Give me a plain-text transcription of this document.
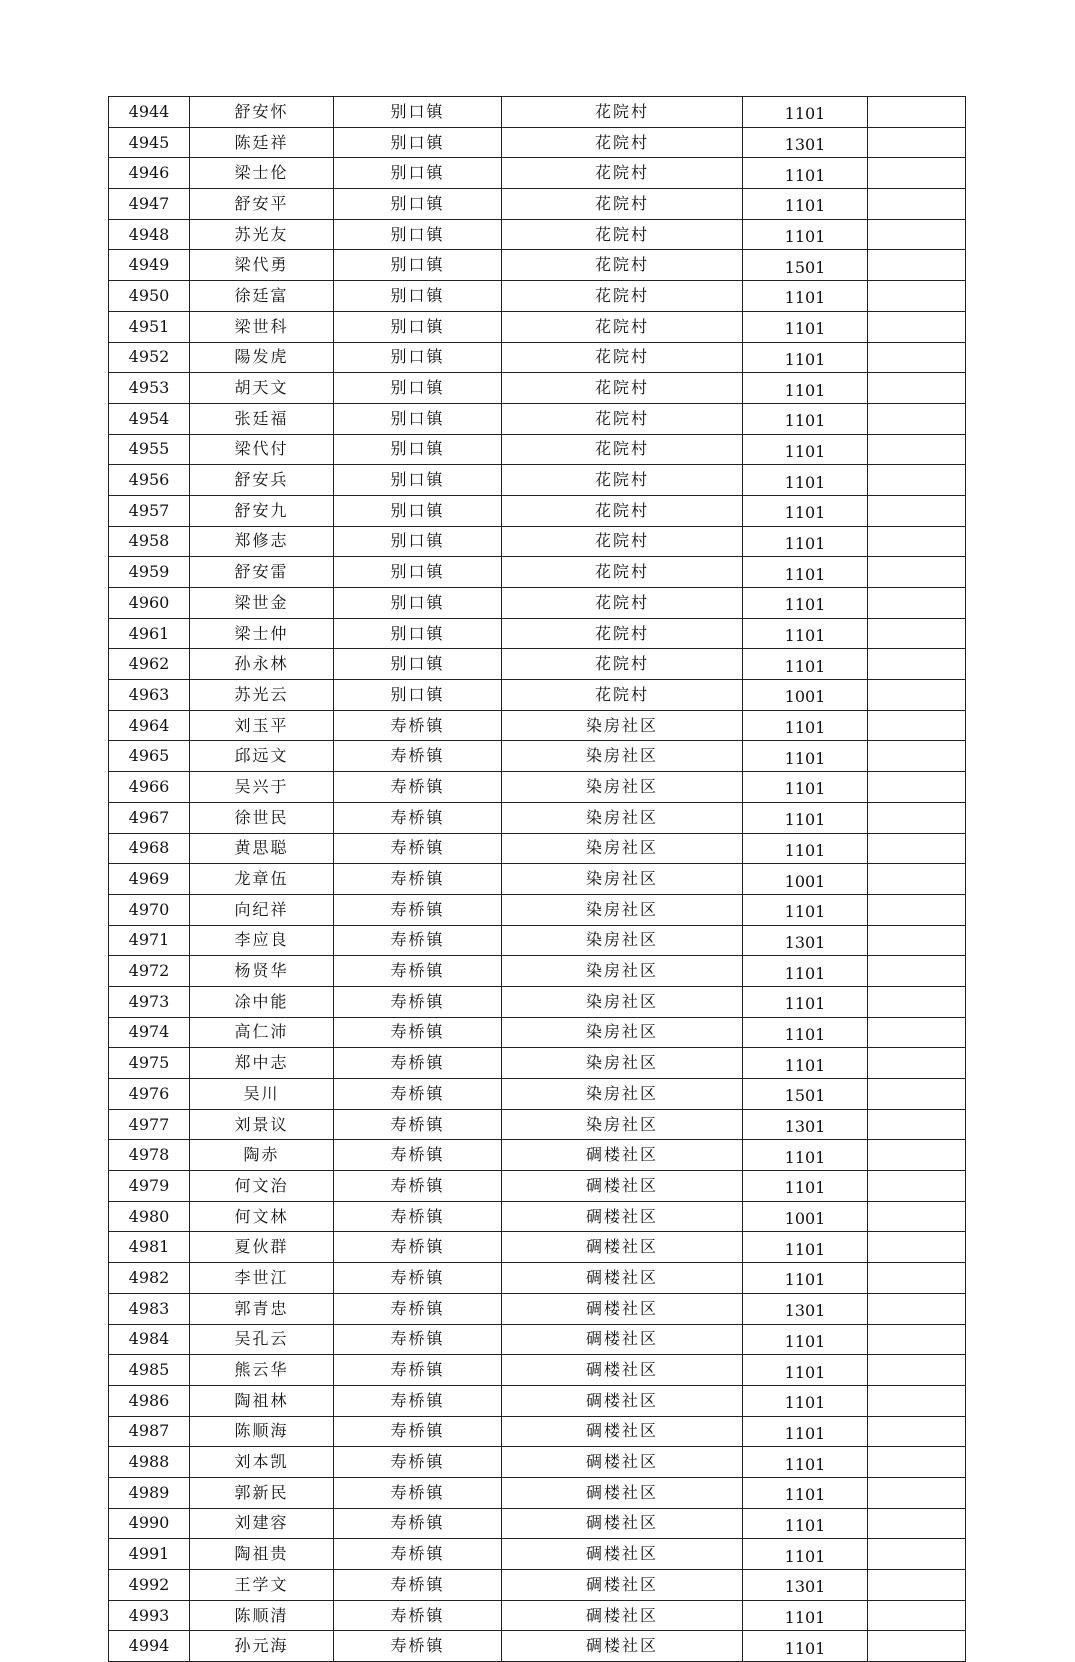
4944	舒安怀	别口镇	花院村	1101	
4945	陈廷祥	别口镇	花院村	1301	
4946	梁士伦	别口镇	花院村	1101	
4947	舒安平	别口镇	花院村	1101	
4948	苏光友	别口镇	花院村	1101	
4949	梁代勇	别口镇	花院村	1501	
4950	徐廷富	别口镇	花院村	1101	
4951	梁世科	别口镇	花院村	1101	
4952	陽发虎	别口镇	花院村	1101	
4953	胡天文	别口镇	花院村	1101	
4954	张廷福	别口镇	花院村	1101	
4955	梁代付	别口镇	花院村	1101	
4956	舒安兵	别口镇	花院村	1101	
4957	舒安九	别口镇	花院村	1101	
4958	郑修志	别口镇	花院村	1101	
4959	舒安雷	别口镇	花院村	1101	
4960	梁世金	别口镇	花院村	1101	
4961	梁士仲	别口镇	花院村	1101	
4962	孙永林	别口镇	花院村	1101	
4963	苏光云	别口镇	花院村	1001	
4964	刘玉平	寿桥镇	染房社区	1101	
4965	邱远文	寿桥镇	染房社区	1101	
4966	吴兴于	寿桥镇	染房社区	1101	
4967	徐世民	寿桥镇	染房社区	1101	
4968	黄思聪	寿桥镇	染房社区	1101	
4969	龙章伍	寿桥镇	染房社区	1001	
4970	向纪祥	寿桥镇	染房社区	1101	
4971	李应良	寿桥镇	染房社区	1301	
4972	杨贤华	寿桥镇	染房社区	1101	
4973	凃中能	寿桥镇	染房社区	1101	
4974	高仁沛	寿桥镇	染房社区	1101	
4975	郑中志	寿桥镇	染房社区	1101	
4976	吴川	寿桥镇	染房社区	1501	
4977	刘景议	寿桥镇	染房社区	1301	
4978	陶赤	寿桥镇	碉楼社区	1101	
4979	何文治	寿桥镇	碉楼社区	1101	
4980	何文林	寿桥镇	碉楼社区	1001	
4981	夏伙群	寿桥镇	碉楼社区	1101	
4982	李世江	寿桥镇	碉楼社区	1101	
4983	郭青忠	寿桥镇	碉楼社区	1301	
4984	吴孔云	寿桥镇	碉楼社区	1101	
4985	熊云华	寿桥镇	碉楼社区	1101	
4986	陶祖林	寿桥镇	碉楼社区	1101	
4987	陈顺海	寿桥镇	碉楼社区	1101	
4988	刘本凯	寿桥镇	碉楼社区	1101	
4989	郭新民	寿桥镇	碉楼社区	1101	
4990	刘建容	寿桥镇	碉楼社区	1101	
4991	陶祖贵	寿桥镇	碉楼社区	1101	
4992	王学文	寿桥镇	碉楼社区	1301	
4993	陈顺清	寿桥镇	碉楼社区	1101	
4994	孙元海	寿桥镇	碉楼社区	1101	
